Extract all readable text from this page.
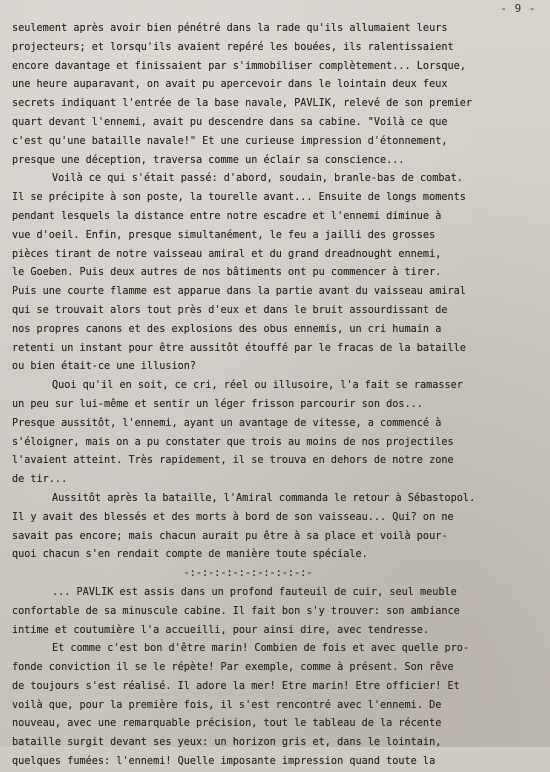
- 9 -
seulement après avoir bien pénétré dans la rade qu'ils allumaient leurs
projecteurs; et lorsqu'ils avaient repéré les bouées, ils ralentissaient
encore davantage et finissaient par s'immobiliser complètement... Lorsque,
une heure auparavant, on avait pu apercevoir dans le lointain deux feux
secrets indiquant l'entrée de la base navale, PAVLIK, relevé de son premier
quart devant l'ennemi, avait pu descendre dans sa cabine. "Voilà ce que
c'est qu'une bataille navale!" Et une curieuse impression d'étonnement,
presque une déception, traversa comme un éclair sa conscience...
Voilà ce qui s'était passé: d'abord, soudain, branle-bas de combat.
Il se précipite à son poste, la tourelle avant... Ensuite de longs moments
pendant lesquels la distance entre notre escadre et l'ennemi diminue à
vue d'oeil. Enfin, presque simultanément, le feu a jailli des grosses
pièces tirant de notre vaisseau amiral et du grand dreadnought ennemi,
le Goeben. Puis deux autres de nos bâtiments ont pu commencer à tirer.
Puis une courte flamme est apparue dans la partie avant du vaisseau amiral
qui se trouvait alors tout près d'eux et dans le bruit assourdissant de
nos propres canons et des explosions des obus ennemis, un cri humain a
retenti un instant pour être aussitôt étouffé par le fracas de la bataille
ou bien était-ce une illusion?
Quoi qu'il en soit, ce cri, réel ou illusoire, l'a fait se ramasser
un peu sur lui-même et sentir un léger frisson parcourir son dos...
Presque aussitôt, l'ennemi, ayant un avantage de vitesse, a commencé à
s'éloigner, mais on a pu constater que trois au moins de nos projectiles
l'avaient atteint. Très rapidement, il se trouva en dehors de notre zone
de tir...
Aussitôt après la bataille, l'Amiral commanda le retour à Sébastopol.
Il y avait des blessés et des morts à bord de son vaisseau... Qui? on ne
savait pas encore; mais chacun aurait pu être à sa place et voilà pour-
quoi chacun s'en rendait compte de manière toute spéciale.
-:-:-:-:-:-:-:-:-:-:-
... PAVLIK est assis dans un profond fauteuil de cuir, seul meuble
confortable de sa minuscule cabine. Il fait bon s'y trouver: son ambiance
intime et coutumière l'a accueilli, pour ainsi dire, avec tendresse.
Et comme c'est bon d'être marin! Combien de fois et avec quelle pro-
fonde conviction il se le répète! Par exemple, comme à présent. Son rêve
de toujours s'est réalisé. Il adore la mer! Etre marin! Etre officier! Et
voilà que, pour la première fois, il s'est rencontré avec l'ennemi. De
nouveau, avec une remarquable précision, tout le tableau de la récente
bataille surgit devant ses yeux: un horizon gris et, dans le lointain,
quelques fumées: l'ennemi! Quelle imposante impression quand toute la
